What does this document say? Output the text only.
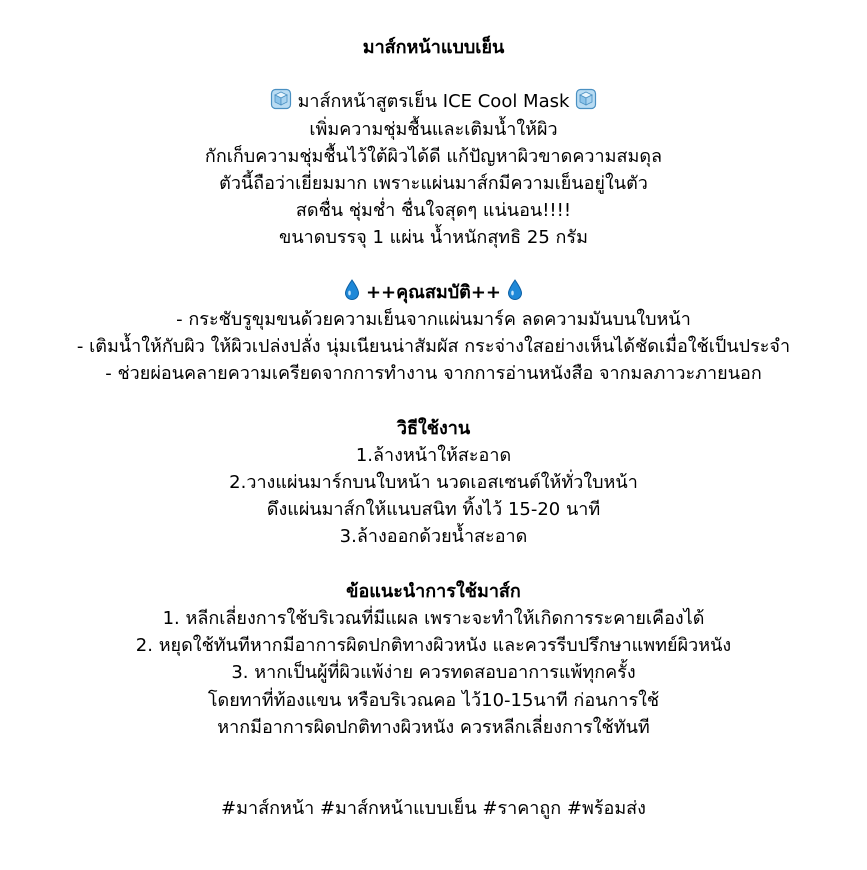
มาส์กหน้าแบบเย็น
มาส์กหน้าสูตรเย็น ICE Cool Mask
เพิ่มความชุ่มชื้นและเติมน้ำให้ผิว
กักเก็บความชุ่มชื้นไว้ใต้ผิวได้ดี แก้ปัญหาผิวขาดความสมดุล
ตัวนี้ถือว่าเยี่ยมมาก เพราะแผ่นมาส์กมีความเย็นอยู่ในตัว
สดชื่น ชุ่มช่ำ ชื่นใจสุดๆ แน่นอน!!!!
ขนาดบรรจุ 1 แผ่น น้ำหนักสุทธิ 25 กรัม
++คุณสมบัติ++
- กระชับรูขุมขนด้วยความเย็นจากแผ่นมาร์ค ลดความมันบนใบหน้า
- เติมน้ำให้กับผิว ให้ผิวเปล่งปลั่ง นุ่มเนียนน่าสัมผัส กระจ่างใสอย่างเห็นได้ชัดเมื่อใช้เป็นประจำ
- ช่วยผ่อนคลายความเครียดจากการทำงาน จากการอ่านหนังสือ จากมลภาวะภายนอก
วิธีใช้งาน
1.ล้างหน้าให้สะอาด
2.วางแผ่นมาร์กบนใบหน้า นวดเอสเซนต์ให้ทั่วใบหน้า
ดึงแผ่นมาส์กให้แนบสนิท ทิ้งไว้ 15-20 นาที
3.ล้างออกด้วยน้ำสะอาด
ข้อแนะนำการใช้มาส์ก
1. หลีกเลี่ยงการใช้บริเวณที่มีแผล เพราะจะทำให้เกิดการระคายเคืองได้
2. หยุดใช้ทันทีหากมีอาการผิดปกติทางผิวหนัง และควรรีบปรึกษาแพทย์ผิวหนัง
3. หากเป็นผู้ที่ผิวแพ้ง่าย ควรทดสอบอาการแพ้ทุกครั้ง
โดยทาที่ท้องแขน หรือบริเวณคอ ไว้10-15นาที ก่อนการใช้
หากมีอาการผิดปกติทางผิวหนัง ควรหลีกเลี่ยงการใช้ทันที
#มาส์กหน้า #มาส์กหน้าแบบเย็น #ราคาถูก #พร้อมส่ง
